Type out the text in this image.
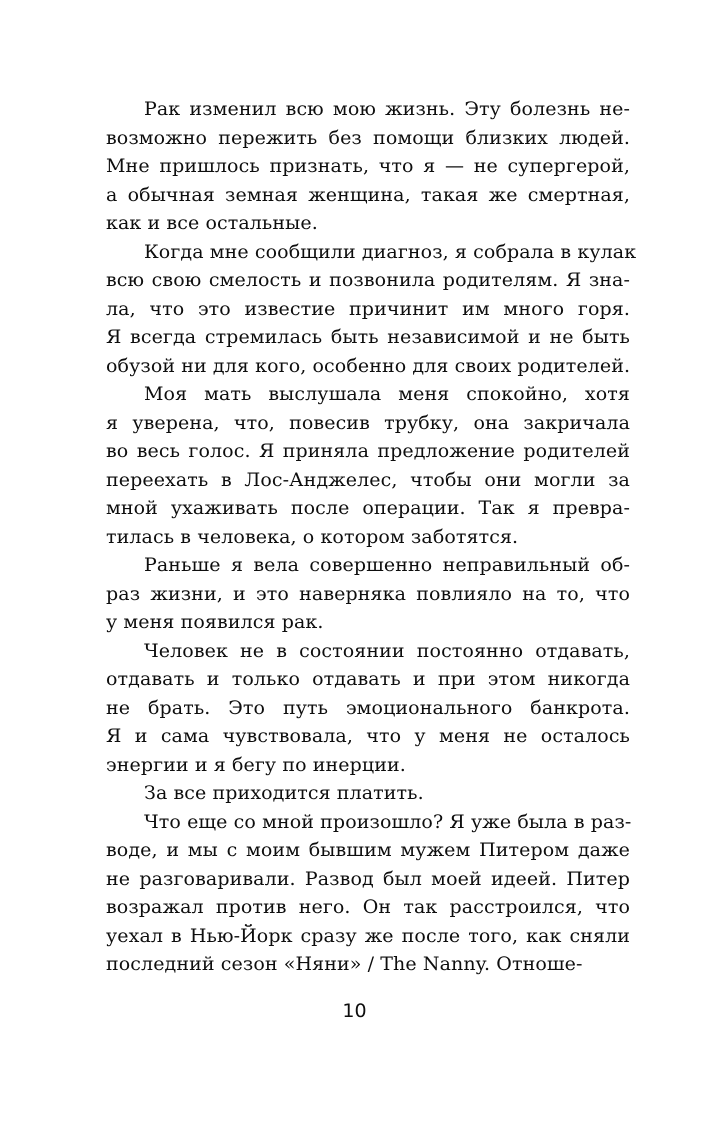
Рак изменил всю мою жизнь. Эту болезнь не-
возможно пережить без помощи близких людей.
Мне пришлось признать, что я — не супергерой,
а обычная земная женщина, такая же смертная,
как и все остальные.
Когда мне сообщили диагноз, я собрала в кулак
всю свою смелость и позвонила родителям. Я зна-
ла, что это известие причинит им много горя.
Я всегда стремилась быть независимой и не быть
обузой ни для кого, особенно для своих родителей.
Моя мать выслушала меня спокойно, хотя
я уверена, что, повесив трубку, она закричала
во весь голос. Я приняла предложение родителей
переехать в Лос-Анджелес, чтобы они могли за
мной ухаживать после операции. Так я превра-
тилась в человека, о котором заботятся.
Раньше я вела совершенно неправильный об-
раз жизни, и это наверняка повлияло на то, что
у меня появился рак.
Человек не в состоянии постоянно отдавать,
отдавать и только отдавать и при этом никогда
не брать. Это путь эмоционального банкрота.
Я и сама чувствовала, что у меня не осталось
энергии и я бегу по инерции.
За все приходится платить.
Что еще со мной произошло? Я уже была в раз-
воде, и мы с моим бывшим мужем Питером даже
не разговаривали. Развод был моей идеей. Питер
возражал против него. Он так расстроился, что
уехал в Нью-Йорк сразу же после того, как сняли
последний сезон «Няни» / The Nanny. Отноше-
10
